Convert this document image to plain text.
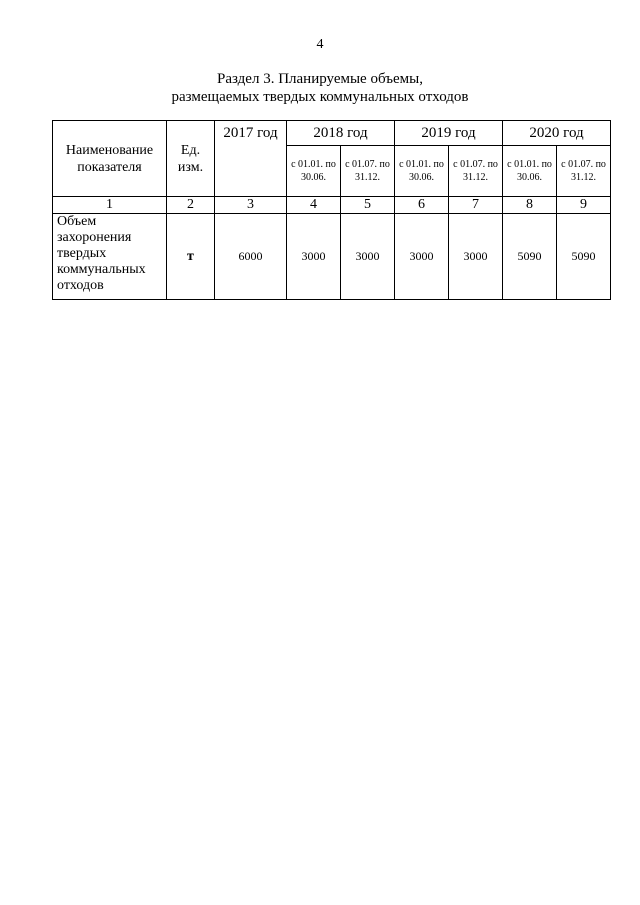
4
Раздел 3. Планируемые объемы,
размещаемых твердых коммунальных отходов
Наименование показателя	Ед. изм.	2017 год	2018 год		2019 год		2020 год	
			с 01.01. по 30.06.	с 01.07. по 31.12.	с 01.01. по 30.06.	с 01.07. по 31.12.	с 01.01. по 30.06.	с 01.07. по 31.12.
1	2	3	4	5	6	7	8	9

Объем
захоронения
твердых
коммунальных
отходов	т	6000	3000	3000	3000	3000	5090	5090
